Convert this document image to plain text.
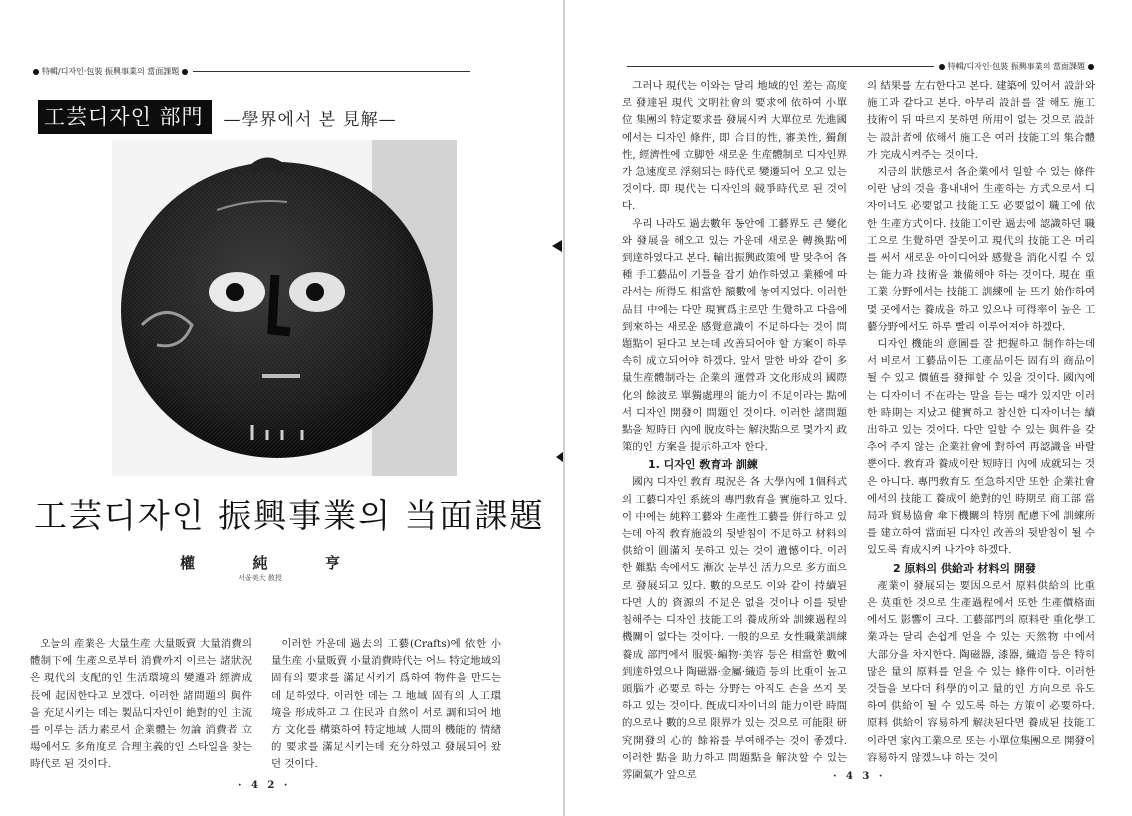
特輯/디자인·包裝 振興事業의 當面課題
工芸디자인 部門	—學界에서 본 見解—
工芸디자인 振興事業의 当面課題
權	純	亨
서울美大 敎授

오늘의 産業은 大量生産 大量販賣 大量消費의 體制下에 生產으로부터 消費까지 이르는 諸狀況은 現代의 支配的인 生活環境의 變遷과 經濟成長에 起因한다고 보겠다. 이러한 諸問題의 與件을 充足시키는 데는 製品디자인이 絶對的인 主流를 이루는 活力素로서 企業體는 勿論 消費者 立場에서도 多角度로 合理主義的인 스타일을 찾는 時代로 된 것이다.

이러한 가운데 過去의 工藝(Crafts)에 依한 小量生産 小量販賣 小量消費時代는 어느 特定地域의 固有의 要求를 滿足시키기 爲하여 物件을 만드는데 足하였다. 이러한 데는 그 地域 固有의 人工環境을 形成하고 그 住民과 自然이 서로 調和되어 地方 文化를 構築하여 特定地域 人間의 機能的 情緖的 要求를 滿足시키는데 充分하였고 發展되어 왔던 것이다.

· 4 2 ·
特輯/디자인·包裝 振興事業의 當面課題

그러나 現代는 이와는 달리 地域的인 差는 高度로 發達된 現代 文明社會의 要求에 依하여 小單位 集團의 特定要求를 發展시켜 大單位로 先進國에서는 디자인 條件, 即 合目的性, 審美性, 獨創性, 經濟性에 立脚한 새로운 生産體制로 디자인界가 急速度로 浮刻되는 時代로 變遷되어 오고 있는 것이다. 即 現代는 디자인의 競爭時代로 된 것이다.

우리 나라도 過去數年 동안에 工藝界도 큰 變化와 發展을 해오고 있는 가운데 새로운 轉換點에 到達하였다고 본다. 輸出振興政策에 발 맞추어 各種 手工藝品이 기틀을 잡기 始作하였고 業種에 따라서는 所得도 相當한 額數에 놓여지었다. 이러한 品目 中에는 다만 現實爲主로만 生覺하고 다음에 到來하는 새로운 感覺意識이 不足하다는 것이 問題點이 된다고 보는데 改善되어야 할 方案이 하루속히 成立되어야 하겠다. 앞서 말한 바와 같이 多量生産體制라는 企業의 運營과 文化形成의 國際化의 餘波로 單獨處理의 能力이 不足이라는 點에서 디자인 開發이 問題인 것이다. 이러한 諸問題點을 短時日 內에 脫皮하는 解決點으로 몇가지 政策的인 方案을 提示하고자 한다.

1. 디자인 敎育과 訓練

國內 디자인 敎育 現況은 各 大學內에 1個科式의 工藝디자인 系統의 專門敎育을 實施하고 있다. 이 中에는 純粹工藝와 生產性工藝를 併行하고 있는데 아직 敎育施設의 뒷받침이 不足하고 材料의 供給이 圓滿치 못하고 있는 것이 遺憾이다. 이러한 難點 속에서도 漸次 눈부신 活力으로 多方面으로 發展되고 있다. 數的으로도 이와 같이 持續된다면 人的 資源의 不足은 없을 것이나 이를 뒷받침해주는 디자인 技能工의 養成所와 訓練過程의 機關이 없다는 것이다. 一般的으로 女性職業訓練養成 部門에서 服裝·編物·美容 등은 相當한 數에 到達하였으나 陶磁器·金屬·織造 등의 比重이 높고 頭腦가 必要로 하는 分野는 아직도 손을 쓰지 못하고 있는 것이다. 旣成디자이너의 能力이란 時間的으로나 數的으로 限界가 있는 것으로 可能限 研究開發의 心的 餘裕를 부여해주는 것이 좋겠다. 이러한 點을 助力하고 問題點을 解決할 수 있는 雰圍氣가 앞으로

의 結果를 左右한다고 본다. 建築에 있어서 設計와 施工과 같다고 본다. 아무리 設計를 잘 해도 施工技術이 뒤 따르지 못하면 所用이 없는 것으로 設計는 設計者에 依해서 施工은 여러 技能工의 集合體가 完成시켜주는 것이다.

지금의 狀態로서 各企業에서 일할 수 있는 條件이란 남의 것을 흉내내어 生產하는 方式으로서 디자이너도 必要없고 技能工도 必要없이 職工에 依한 生產方式이다. 技能工이란 過去에 認識하던 職工으로 生覺하면 잘못이고 現代의 技能工은 머리를 써서 새로운 아이디어와 感覺을 消化시킬 수 있는 能力과 技術을 兼備해야 하는 것이다. 現在 重工業 分野에서는 技能工 訓練에 눈 뜨기 始作하여 몇 곳에서는 養成을 하고 있으나 可得率이 높은 工藝分野에서도 하루 빨리 이루어져야 하겠다.

디자인 機能의 意圖를 잘 把握하고 制作하는데서 비로서 工藝品이든 工產品이든 固有의 商品이 될 수 있고 價値를 發揮할 수 있을 것이다. 國內에는 디자이너 不在라는 말을 듣는 때가 있지만 이러한 時期는 지났고 健實하고 참신한 디자이너는 續出하고 있는 것이다. 다만 일할 수 있는 與件을 갖추어 주지 않는 企業社會에 對하여 再認識을 바랄 뿐이다. 敎育과 養成이란 短時日 內에 成就되는 것은 아니다. 專門敎育도 至急하지만 또한 企業社會에서의 技能工 養成이 絶對的인 時期로 商工部 當局과 貿易協會 傘下機關의 特別 配慮下에 訓練所를 建立하여 當面된 디자인 改善의 뒷받침이 될 수 있도록 育成시켜 나가야 하겠다.

2 原料의 供給과 材料의 開發

產業이 發展되는 要因으로서 原料供給의 比重은 莫重한 것으로 生產過程에서 또한 生產價格面에서도 影響이 크다. 工藝部門의 原料란 重化學工業과는 달리 손쉽게 얻을 수 있는 天然物 中에서 大部分을 차지한다. 陶磁器, 漆器, 織造 등은 特히 많은 量의 原料를 얻을 수 있는 條件이다. 이러한 것들을 보다더 科學的이고 量的인 方向으로 유도하여 供給이 될 수 있도록 하는 方策이 必要하다. 原料 供給이 容易하게 解決된다면 養成된 技能工이라면 家內工業으로 또는 小單位集團으로 開發이 容易하지 않겠느냐 하는 것이

· 4 3 ·
